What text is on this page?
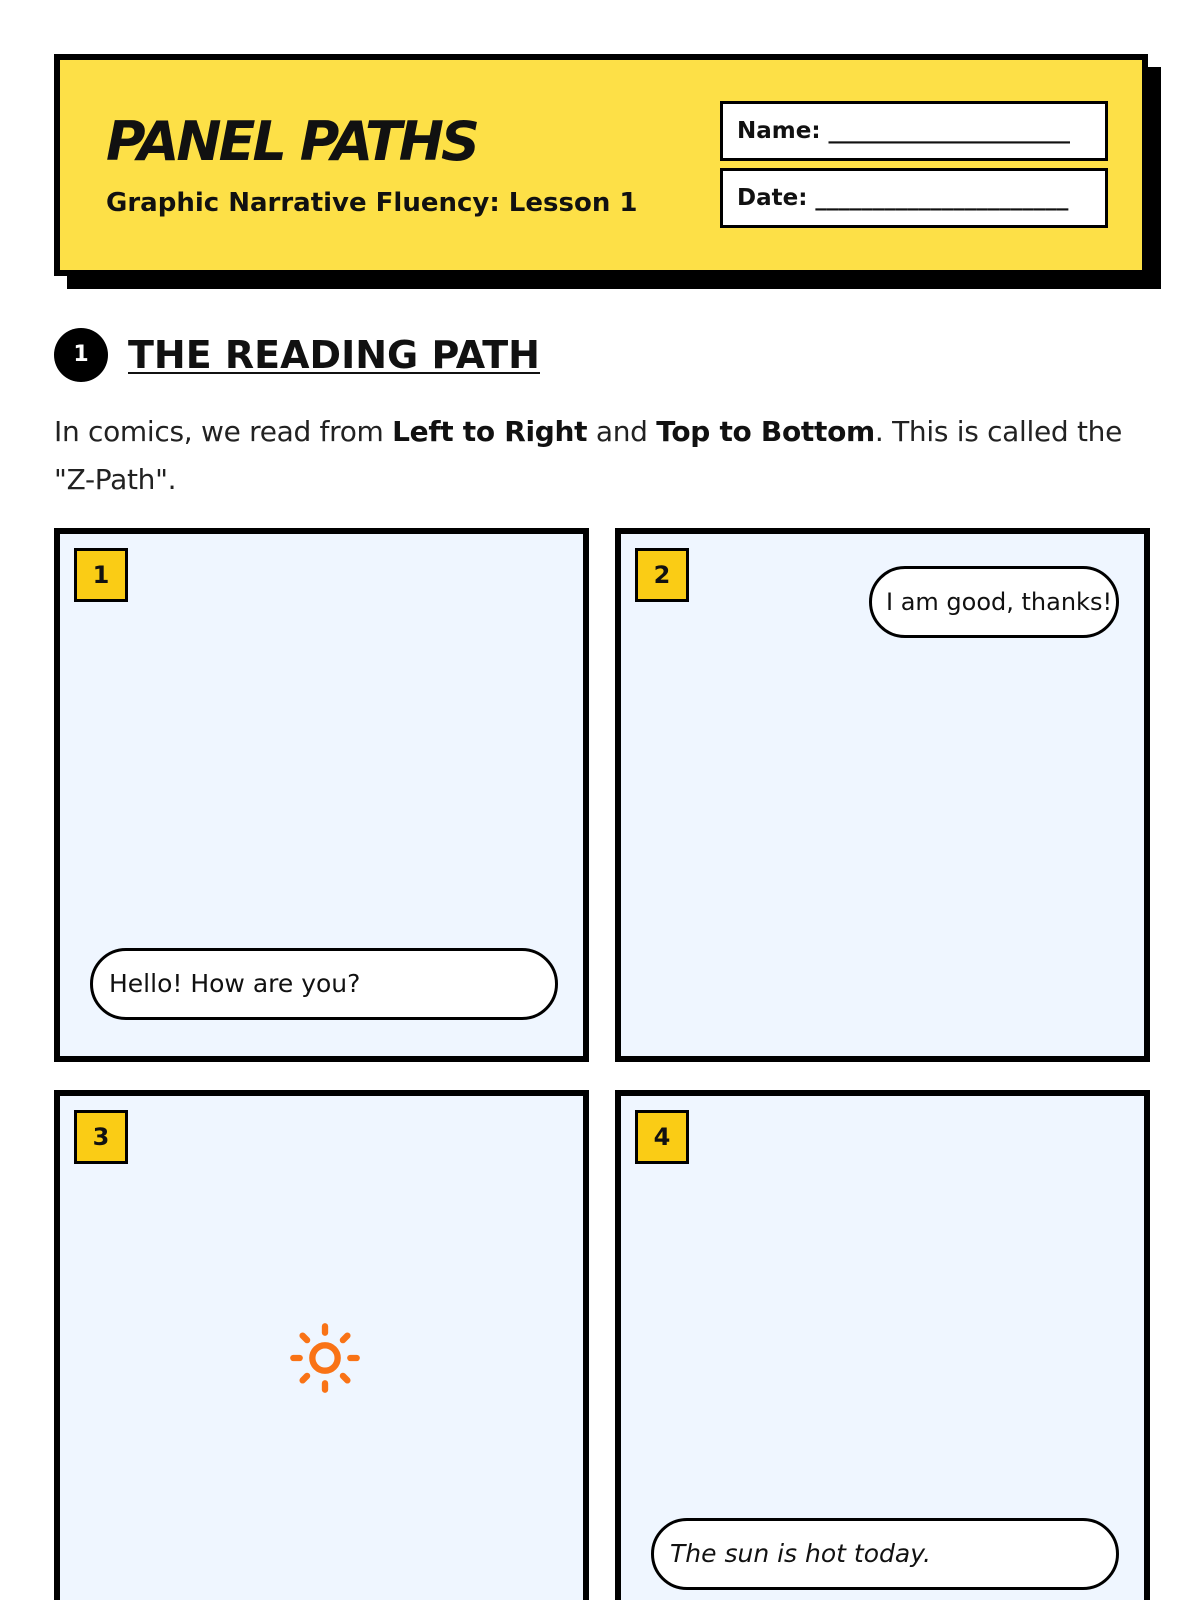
PANEL PATHS
Graphic Narrative Fluency: Lesson 1
Name: _____________________
Date: ______________________
1	THE READING PATH

In comics, we read from Left to Right and Top to Bottom. This is called the "Z-Path".

1
Hello! How are you?
2
I am good, thanks!
3	4
The sun is hot today.
